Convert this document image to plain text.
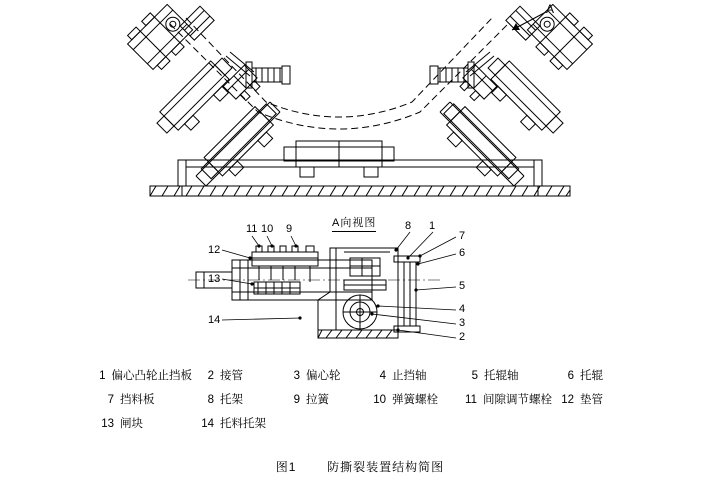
A向视图
A
11 10 9	8 1
12
13
14
7
6
5
4
3
2
1 偏心凸轮止挡板	2 接管	3 偏心轮	4 止挡轴	5 托辊轴	6 托辊
7 挡料板	8 托架	9 拉簧	10 弹簧螺栓	11 间隙调节螺栓 12 垫管
13 闸块	14 托料托架
图1	防撕裂装置结构简图
